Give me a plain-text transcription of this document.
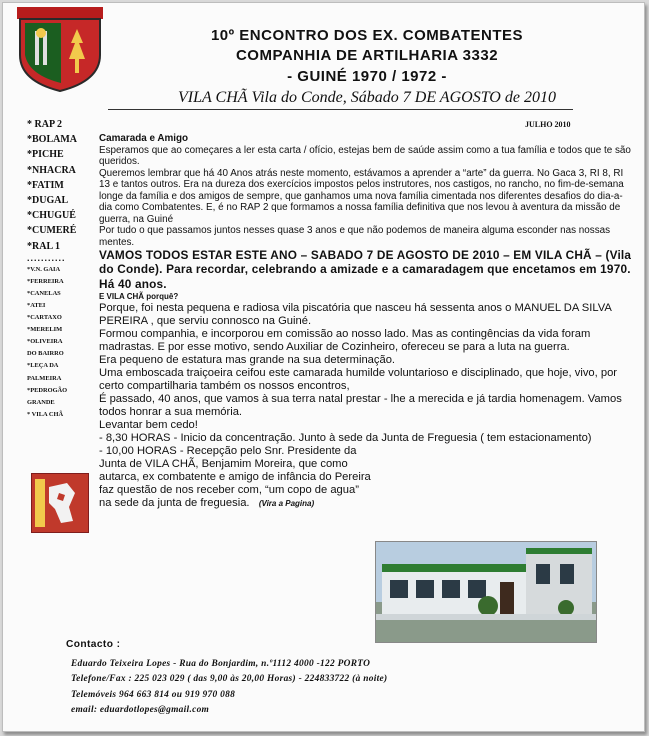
10º ENCONTRO DOS EX. COMBATENTES
COMPANHIA DE ARTILHARIA 3332
- GUINÉ 1970 / 1972 -
VILA CHÃ Vila do Conde, Sábado 7 DE AGOSTO de 2010
JULHO 2010
* RAP 2
*BOLAMA
*PICHE
*NHACRA
*FATIM
*DUGAL
*CHUGUÉ
*CUMERÉ
*RAL 1
...........
*V.N. GAIA
*FERREIRA
*CANELAS
*ATEI
*CARTAXO
*MERELIM
*OLIVEIRA
DO BAIRRO
*LEÇA DA
PALMEIRA
*PEDROGÃO
GRANDE
* VILA CHÃ

Camarada e Amigo

Esperamos que ao começares a ler esta carta / ofício, estejas bem de saúde assim como a tua família e todos que te são queridos.

Queremos lembrar que há 40 Anos atrás neste momento, estávamos a aprender a “arte” da guerra. No Gaca 3, RI 8, RI 13 e tantos outros. Era na dureza dos exercícios impostos pelos instrutores, nos castigos, no rancho, no fim-de-semana longe da família e dos amigos de sempre, que ganhamos uma nova família cimentada nos diferentes desafios do dia-a-dia como Combatentes. E, é no RAP 2 que formamos a nossa família definitiva que nos levou à aventura da missão de guerra, na Guiné

Por tudo o que passamos juntos nesses quase 3 anos e que não podemos de maneira alguma esconder nas nossas mentes.

VAMOS TODOS ESTAR ESTE ANO – SABADO 7 DE AGOSTO DE 2010 – EM VILA CHÃ – (Vila do Conde). Para recordar, celebrando a amizade e a camaradagem que encetamos em 1970. Há 40 anos.

E VILA CHÃ porquê?

Porque, foi nesta pequena e radiosa vila piscatória que nasceu há sessenta anos o MANUEL DA SILVA PEREIRA , que serviu connosco na Guiné.

Formou companhia, e incorporou em comissão ao nosso lado. Mas as contingências da vida foram madrastas. E por esse motivo, sendo Auxiliar de Cozinheiro, ofereceu se para a luta na guerra.

Era pequeno de estatura mas grande na sua determinação.

Uma emboscada traiçoeira ceifou este camarada humilde voluntarioso e disciplinado, que hoje, vivo, por certo compartilharia também os nossos encontros,

É passado, 40 anos, que vamos à sua terra natal prestar - lhe a merecida e já tardia homenagem. Vamos todos honrar a sua memória.

Levantar bem cedo!

- 8,30 HORAS - Inicio da concentração. Junto à sede da Junta de Freguesia ( tem estacionamento)

- 10,00 HORAS - Recepção pelo Snr. Presidente da Junta de VILA CHÃ, Benjamim Moreira, que como autarca, ex combatente e amigo de infância do Pereira faz questão de nos receber com, “um copo de agua” na sede da junta de freguesia. (Vira a Pagina)

Contacto :
Eduardo Teixeira Lopes - Rua do Bonjardim, n.º1112 4000 -122 PORTO
Telefone/Fax : 225 023 029 ( das 9,00 às 20,00 Horas) - 224833722 (à noite)
Telemóveis 964 663 814 ou 919 970 088
email: eduardotlopes@gmail.com
